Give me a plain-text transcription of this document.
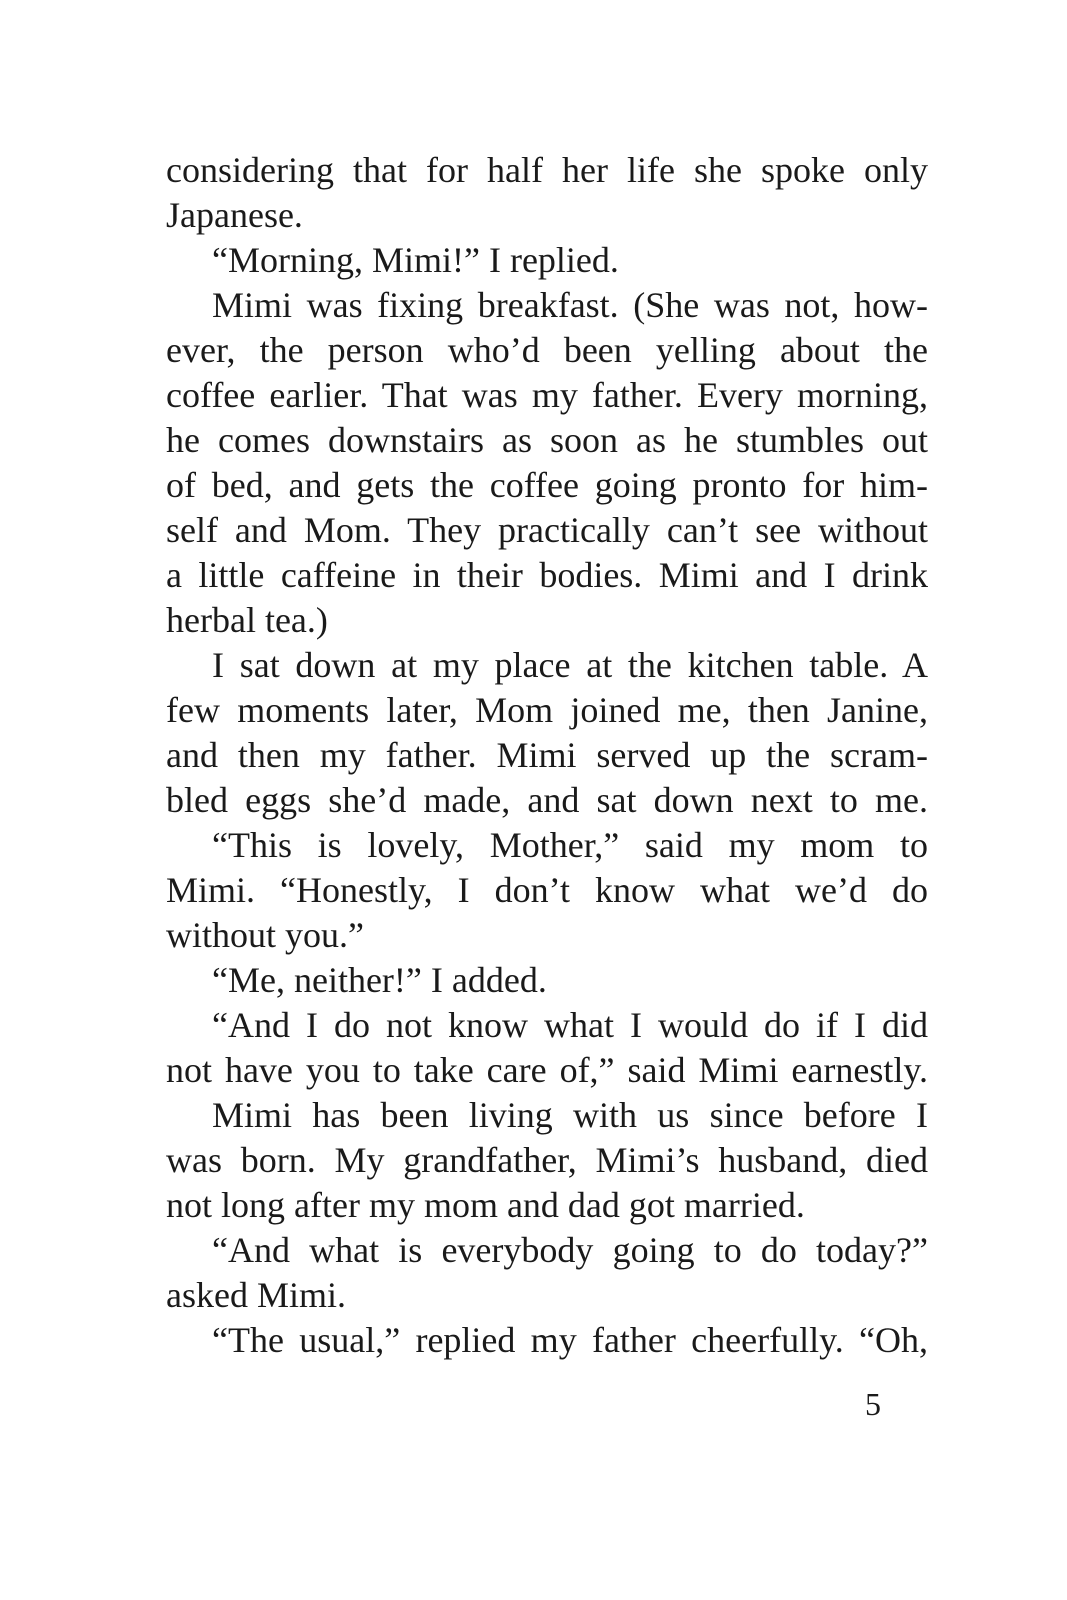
considering that for half her life she spoke only
Japanese.
“Morning, Mimi!” I replied.
Mimi was fixing breakfast. (She was not, how-
ever, the person who’d been yelling about the
coffee earlier. That was my father. Every morning,
he comes downstairs as soon as he stumbles out
of bed, and gets the coffee going pronto for him-
self and Mom. They practically can’t see without
a little caffeine in their bodies. Mimi and I drink
herbal tea.)
I sat down at my place at the kitchen table. A
few moments later, Mom joined me, then Janine,
and then my father. Mimi served up the scram-
bled eggs she’d made, and sat down next to me.
“This is lovely, Mother,” said my mom to
Mimi. “Honestly, I don’t know what we’d do
without you.”
“Me, neither!” I added.
“And I do not know what I would do if I did
not have you to take care of,” said Mimi earnestly.
Mimi has been living with us since before I
was born. My grandfather, Mimi’s husband, died
not long after my mom and dad got married.
“And what is everybody going to do today?”
asked Mimi.
“The usual,” replied my father cheerfully. “Oh,
5
